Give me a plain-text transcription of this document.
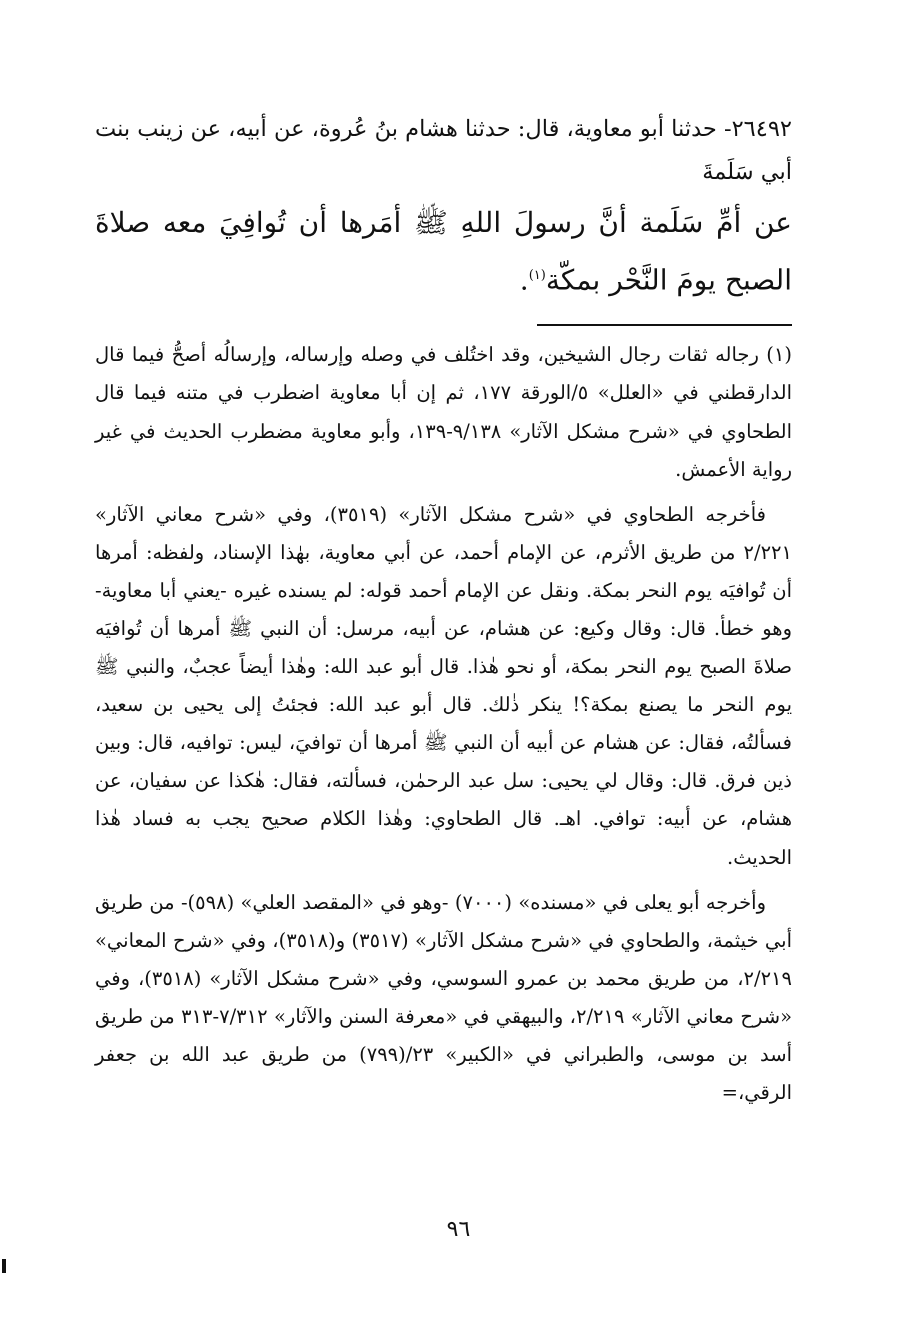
٢٦٤٩٢- حدثنا أبو معاوية، قال: حدثنا هشام بنُ عُروة، عن أبيه، عن زينب بنت أبي سَلَمةَ

عن أمِّ سَلَمة أنَّ رسولَ اللهِ ﷺ أمَرها أن تُوافِيَ معه صلاةَ الصبح يومَ النَّحْر بمكّة$^{(١)}$.

(١) رجاله ثقات رجال الشيخين، وقد اختُلف في وصله وإرساله، وإرسالُه أصحُّ فيما قال الدارقطني في «العلل» ٥/الورقة ١٧٧، ثم إن أبا معاوية اضطرب في متنه فيما قال الطحاوي في «شرح مشكل الآثار» ٩/١٣٨-١٣٩، وأبو معاوية مضطرب الحديث في غير رواية الأعمش.

فأخرجه الطحاوي في «شرح مشكل الآثار» (٣٥١٩)، وفي «شرح معاني الآثار» ٢/٢٢١ من طريق الأثرم، عن الإمام أحمد، عن أبي معاوية، بهٰذا الإسناد، ولفظه: أمرها أن تُوافيَه يوم النحر بمكة. ونقل عن الإمام أحمد قوله: لم يسنده غيره -يعني أبا معاوية- وهو خطأ. قال: وقال وكيع: عن هشام، عن أبيه، مرسل: أن النبي ﷺ أمرها أن تُوافيَه صلاةَ الصبح يوم النحر بمكة، أو نحو هٰذا. قال أبو عبد الله: وهٰذا أيضاً عجبٌ، والنبي ﷺ يوم النحر ما يصنع بمكة؟! ينكر ذٰلك. قال أبو عبد الله: فجئتُ إلى يحيى بن سعيد، فسألتُه، فقال: عن هشام عن أبيه أن النبي ﷺ أمرها أن توافيَ، ليس: توافيه، قال: وبين ذين فرق. قال: وقال لي يحيى: سل عبد الرحمٰن، فسألته، فقال: هٰكذا عن سفيان، عن هشام، عن أبيه: توافي. اهـ. قال الطحاوي: وهٰذا الكلام صحيح يجب به فساد هٰذا الحديث.

وأخرجه أبو يعلى في «مسنده» (٧٠٠٠) -وهو في «المقصد العلي» (٥٩٨)- من طريق أبي خيثمة، والطحاوي في «شرح مشكل الآثار» (٣٥١٧) و(٣٥١٨)، وفي «شرح المعاني» ٢/٢١٩، من طريق محمد بن عمرو السوسي، وفي «شرح مشكل الآثار» (٣٥١٨)، وفي «شرح معاني الآثار» ٢/٢١٩، والبيهقي في «معرفة السنن والآثار» ٧/٣١٢-٣١٣ من طريق أسد بن موسى، والطبراني في «الكبير» ٢٣/(٧٩٩) من طريق عبد الله بن جعفر الرقي،=

٩٦
